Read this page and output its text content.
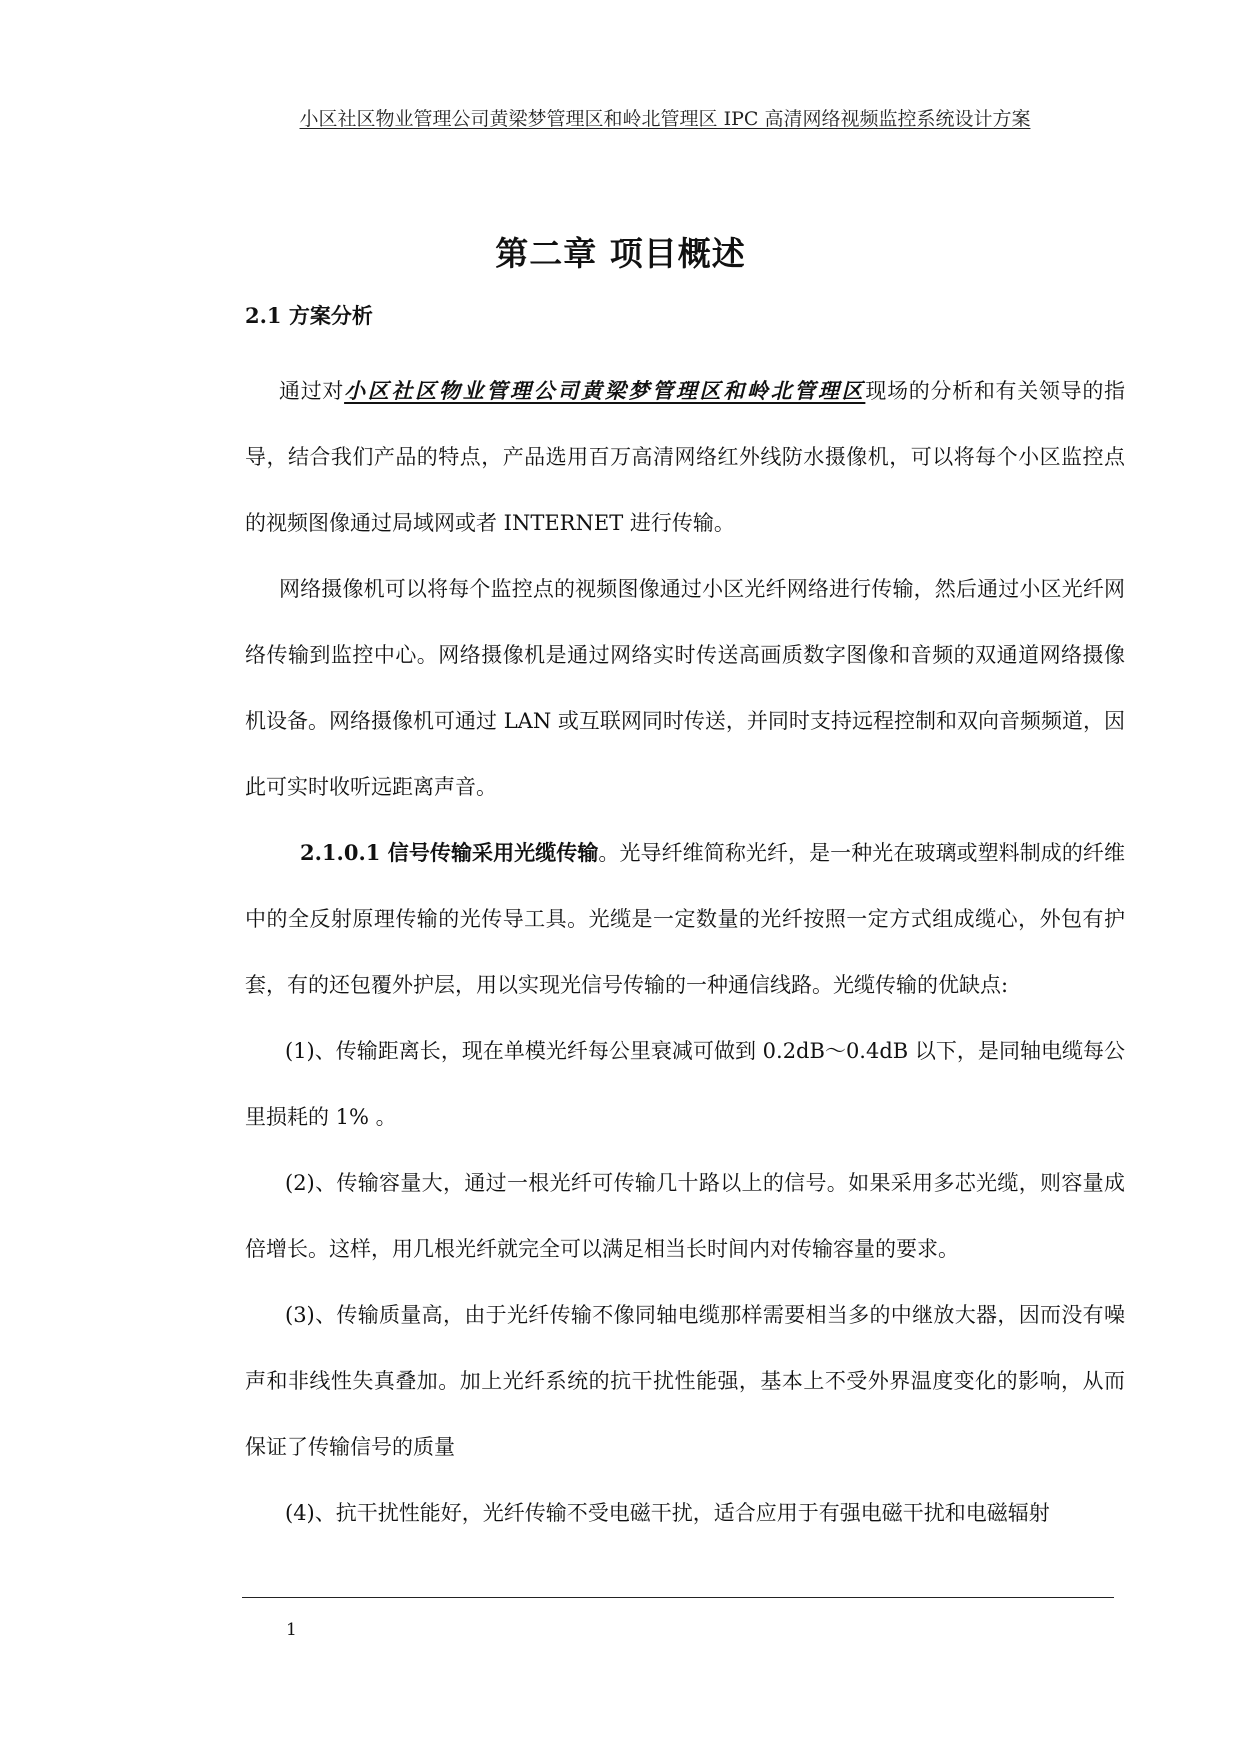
小区社区物业管理公司黄梁梦管理区和岭北管理区 IPC 高清网络视频监控系统设计方案
第二章 项目概述
2.1 方案分析

通过对小区社区物业管理公司黄梁梦管理区和岭北管理区现场的分析和有关领导的指导，结合我们产品的特点，产品选用百万高清网络红外线防水摄像机，可以将每个小区监控点的视频图像通过局域网或者 INTERNET 进行传输。

网络摄像机可以将每个监控点的视频图像通过小区光纤网络进行传输，然后通过小区光纤网络传输到监控中心。网络摄像机是通过网络实时传送高画质数字图像和音频的双通道网络摄像机设备。网络摄像机可通过 LAN 或互联网同时传送，并同时支持远程控制和双向音频频道，因此可实时收听远距离声音。

2.1.0.1 信号传输采用光缆传输。光导纤维简称光纤，是一种光在玻璃或塑料制成的纤维中的全反射原理传输的光传导工具。光缆是一定数量的光纤按照一定方式组成缆心，外包有护套，有的还包覆外护层，用以实现光信号传输的一种通信线路。光缆传输的优缺点:

(1)、传输距离长，现在单模光纤每公里衰减可做到 0.2dB～0.4dB 以下，是同轴电缆每公里损耗的 1% 。

(2)、传输容量大，通过一根光纤可传输几十路以上的信号。如果采用多芯光缆，则容量成倍增长。这样，用几根光纤就完全可以满足相当长时间内对传输容量的要求。

(3)、传输质量高，由于光纤传输不像同轴电缆那样需要相当多的中继放大器，因而没有噪声和非线性失真叠加。加上光纤系统的抗干扰性能强，基本上不受外界温度变化的影响，从而保证了传输信号的质量

(4)、抗干扰性能好，光纤传输不受电磁干扰，适合应用于有强电磁干扰和电磁辐射

1
